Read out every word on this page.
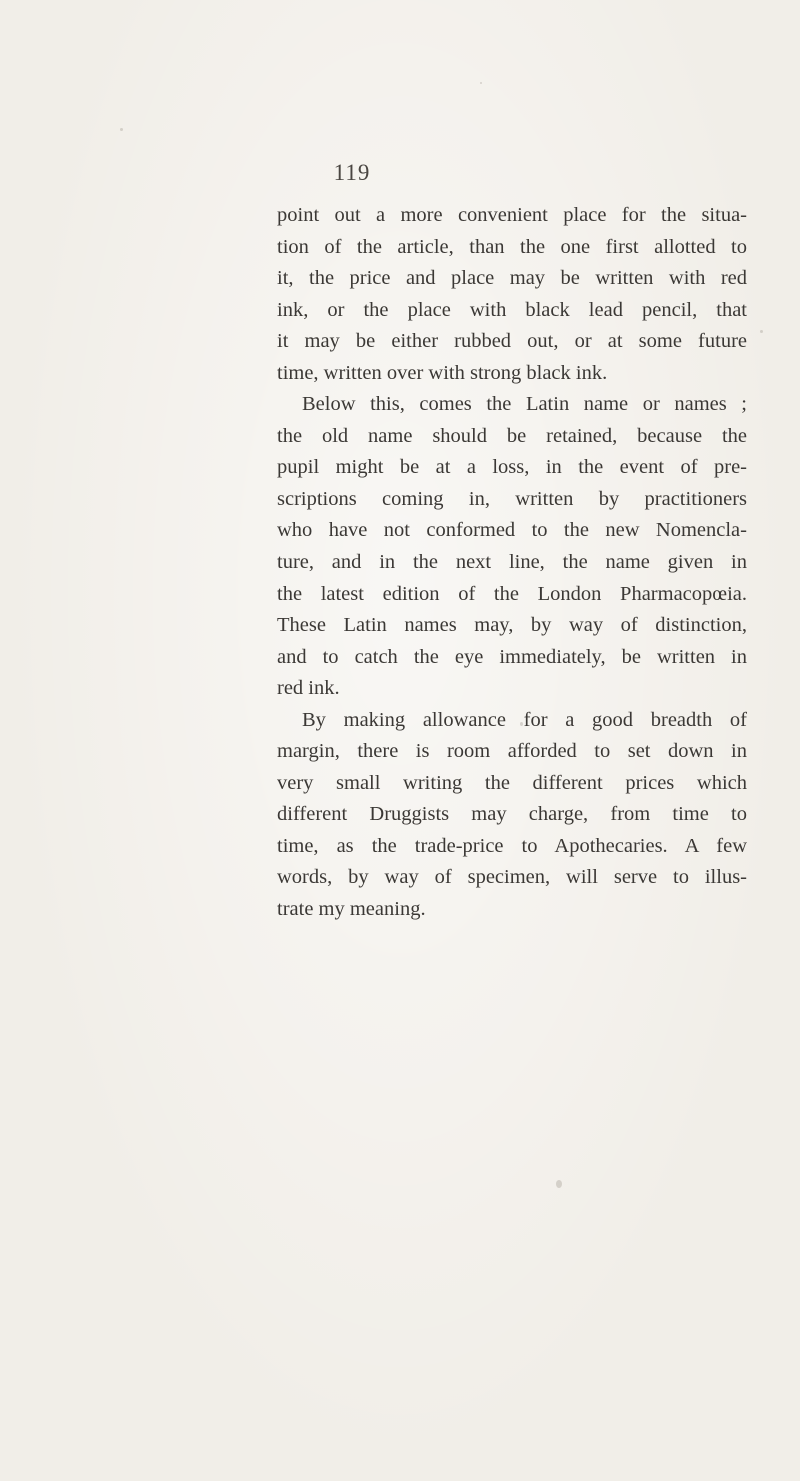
119
point out a more convenient place for the situa-
tion of the article, than the one first allotted to
it, the price and place may be written with red
ink, or the place with black lead pencil, that
it may be either rubbed out, or at some future
time, written over with strong black ink.
Below this, comes the Latin name or names ;
the old name should be retained, because the
pupil might be at a loss, in the event of pre-
scriptions coming in, written by practitioners
who have not conformed to the new Nomencla-
ture, and in the next line, the name given in
the latest edition of the London Pharmacopœia.
These Latin names may, by way of distinction,
and to catch the eye immediately, be written in
red ink.
By making allowance for a good breadth of
margin, there is room afforded to set down in
very small writing the different prices which
different Druggists may charge, from time to
time, as the trade-price to Apothecaries. A few
words, by way of specimen, will serve to illus-
trate my meaning.
